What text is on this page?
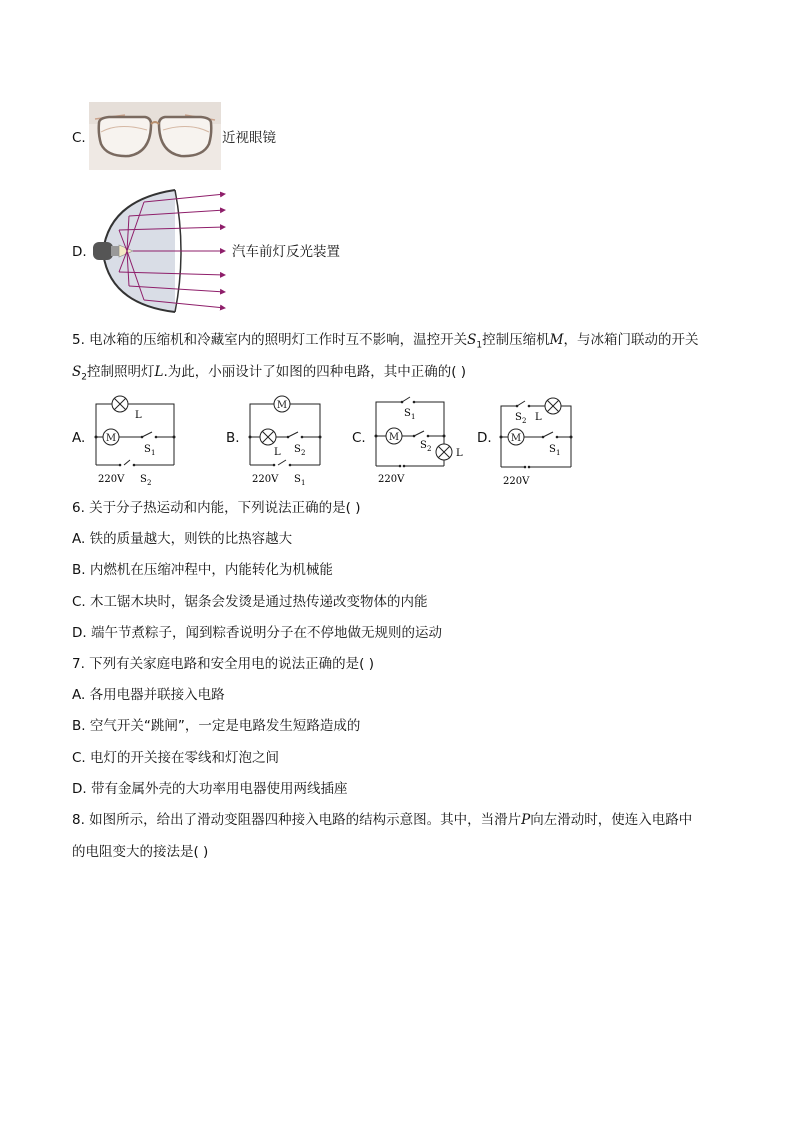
C.	近视眼镜
D.	汽车前灯反光装置
5. 电冰箱的压缩机和冷藏室内的照明灯工作时互不影响，温控开关$S_1$控制压缩机M，与冰箱门联动的开关
$S_2$控制照明灯L.为此，小丽设计了如图的四种电路，其中正确的( )
A. M
L
S 1
220V S 2
B.
M
L S 2
220V S 1
C. M
S 1
S 2 L
220V
D. M
S 2 L
S 1
220V
6. 关于分子热运动和内能，下列说法正确的是( )
A. 铁的质量越大，则铁的比热容越大
B. 内燃机在压缩冲程中，内能转化为机械能
C. 木工锯木块时，锯条会发烫是通过热传递改变物体的内能
D. 端午节煮粽子，闻到粽香说明分子在不停地做无规则的运动
7. 下列有关家庭电路和安全用电的说法正确的是( )
A. 各用电器并联接入电路
B. 空气开关“跳闸”，一定是电路发生短路造成的
C. 电灯的开关接在零线和灯泡之间
D. 带有金属外壳的大功率用电器使用两线插座
8. 如图所示，给出了滑动变阻器四种接入电路的结构示意图。其中，当滑片P向左滑动时，使连入电路中
的电阻变大的接法是( )
